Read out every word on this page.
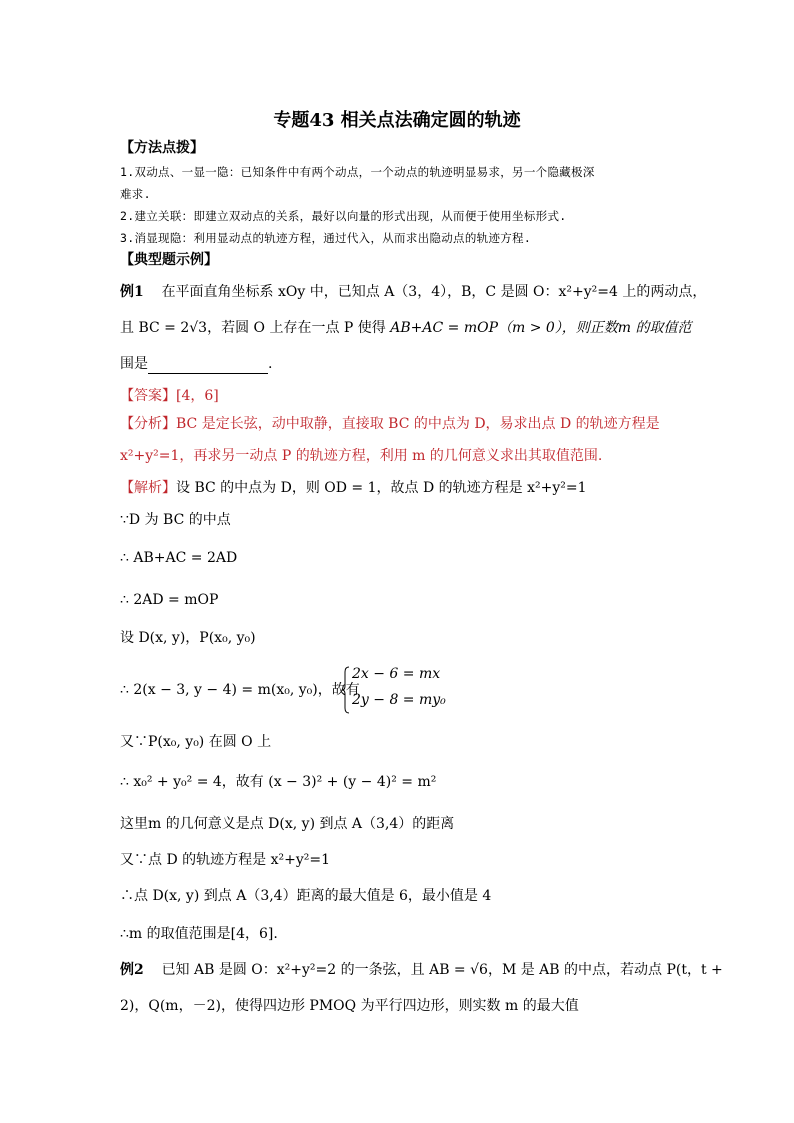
专题43 相关点法确定圆的轨迹
【方法点拨】
1.双动点、一显一隐：已知条件中有两个动点，一个动点的轨迹明显易求，另一个隐藏极深
难求.
2.建立关联：即建立双动点的关系，最好以向量的形式出现，从而便于使用坐标形式.
3.消显现隐：利用显动点的轨迹方程，通过代入，从而求出隐动点的轨迹方程.
【典型题示例】
例1 在平面直角坐标系 xOy 中，已知点 A（3，4），B，C 是圆 O：x²+y²=4 上的两动点，
且 BC = 2√3，若圆 O 上存在一点 P 使得 AB+AC = mOP（m > 0），则正数m 的取值范
围是	.
【答案】[4，6]
【分析】BC 是定长弦，动中取静，直接取 BC 的中点为 D，易求出点 D 的轨迹方程是
x²+y²=1，再求另一动点 P 的轨迹方程，利用 m 的几何意义求出其取值范围.
【解析】设 BC 的中点为 D，则 OD = 1，故点 D 的轨迹方程是 x²+y²=1
∵D 为 BC 的中点
∴ AB+AC = 2AD
∴ 2AD = mOP
设 D(x, y)，P(x₀, y₀)
∴ 2(x − 3, y − 4) = m(x₀, y₀)，故有
2x − 6 = mx
2y − 8 = my₀
又∵P(x₀, y₀) 在圆 O 上
∴ x₀² + y₀² = 4，故有 (x − 3)² + (y − 4)² = m²
这里m 的几何意义是点 D(x, y) 到点 A（3,4）的距离
又∵点 D 的轨迹方程是 x²+y²=1
∴点 D(x, y) 到点 A（3,4）距离的最大值是 6，最小值是 4
∴m 的取值范围是[4，6].
例2 已知 AB 是圆 O：x²+y²=2 的一条弦，且 AB = √6，M 是 AB 的中点，若动点 P(t，t +
2)，Q(m，－2)，使得四边形 PMOQ 为平行四边形，则实数 m 的最大值
